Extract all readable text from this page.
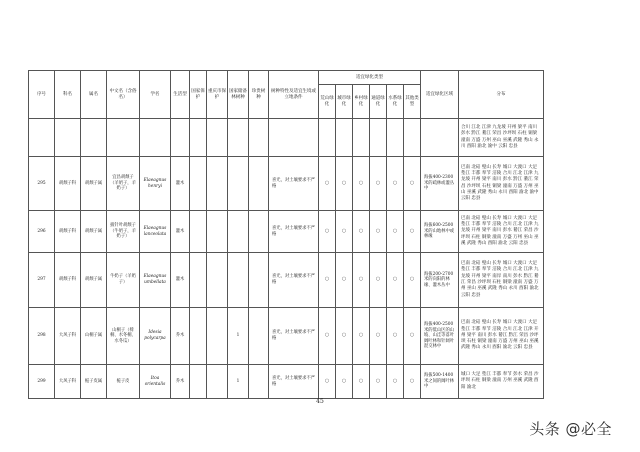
序号	科名	属名	中文名（含俗名）	学名	生活型	国家保护	重庆市保护	国家储备林树种	珍贵树种	树种特性及适宜生境或立地条件	适宜绿化类型						适宜绿化区域	分布
											荒山绿化	城市绿化	乡村绿化	通道绿化	水系绿化	其他类型		
																		合川 江北 江津 九龙坡 开州 梁平 南川 彭水 黔江 綦江 荣昌 沙坪坝 石柱 铜梁 潼南 万盛 万州 巫山 巫溪 武隆 秀山 永川 酉阳 渝北 渝中 云阳 忠县
295	胡颓子科	胡颓子属	宜昌胡颓子（羊奶子，羊奶子）	Elaeagnus henryi	灌木					喜光，对土壤要求不严格	○	○	○	○	○	○	海拔400-2300米的疏林或灌丛中	巴南 北碚 璧山 长寿 城口 大渡口 大足 垫江 丰都 奉节 涪陵 合川 江北 江津 九龙坡 开州 梁平 南川 彭水 黔江 綦江 荣昌 沙坪坝 石柱 铜梁 潼南 万盛 万州 巫山 巫溪 武隆 秀山 永川 酉阳 渝北 渝中 云阳 忠县
296	胡颓子科	胡颓子属	披针叶胡颓子（牛奶子，羊奶子）	Elaeagnus lanceolata	灌木					喜光，对土壤要求不严格	○	○	○	○	○	○	海拔600-2500米的山地林中或林缘	巴南 北碚 璧山 长寿 城口 大渡口 大足 垫江 丰都 奉节 涪陵 合川 江北 江津 九龙坡 开州 梁平 南川 彭水 綦江 荣昌 沙坪坝 石柱 铜梁 潼南 万盛 万州 巫山 巫溪 武隆 秀山 酉阳 渝北 云阳 忠县
297	胡颓子科	胡颓子属	牛奶子（羊奶子）	Elaeagnus umbellata	灌木					喜光，对土壤要求不严格	○	○	○	○	○	○	海拔200-2700米的向阳的林缘、灌木丛中	巴南 北碚 璧山 长寿 城口 大渡口 大足 垫江 丰都 奉节 涪陵 合川 江北 江津 九龙坡 开州 梁平 南岸 南川 彭水 黔江 綦江 荣昌 沙坪坝 石柱 铜梁 潼南 万盛 万州 巫山 巫溪 武隆 秀山 永川 酉阳 渝北 云阳 忠县
298	大风子科	山桐子属	山桐子（椅桐、水冬桐、水冬瓜）	Idesia polycarpa	乔木			1		喜光，对土壤要求不严格	○	○	○	○	○	○	海拔400-2500米的低山区的山坡、山洼等落叶阔叶林和针阔叶混交林中	巴南 北碚 璧山 长寿 城口 大渡口 大足 垫江 丰都 奉节 涪陵 合川 江北 江津 开州 梁平 南川 彭水 綦江 黔江 荣昌 沙坪坝 石柱 铜梁 潼南 万盛 万州 巫山 巫溪 武隆 秀山 永川 酉阳 渝北 云阳 忠县
299	大风子科	栀子皮属	栀子皮	Itoa orientalis	乔木			1		喜光，对土壤要求不严格	○	○	○	○	○	○	海拔500-1400米之间的阔叶林中	城口 大足 垫江 丰都 奉节 彭水 荣昌 沙坪坝 石柱 铜梁 潼南 万州 巫溪 武隆 酉阳 渝北
45
头条 @必全
